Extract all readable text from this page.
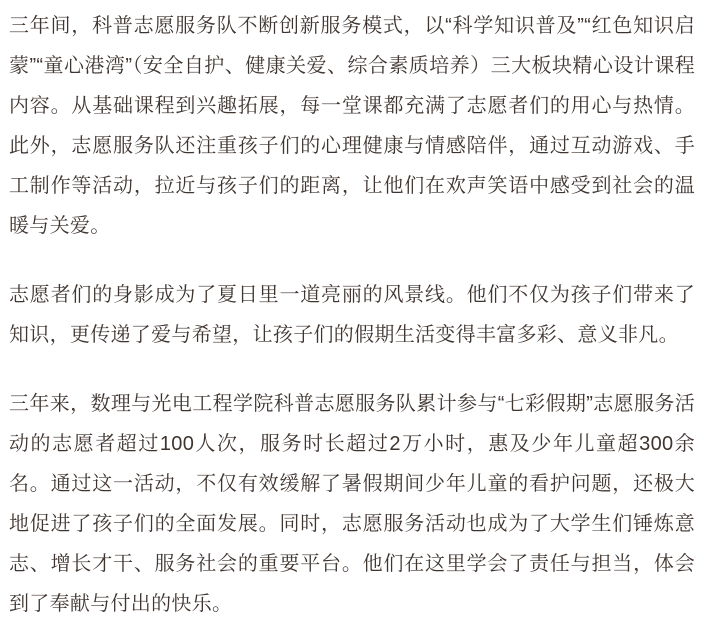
三年间，科普志愿服务队不断创新服务模式，以“科学知识普及”“红色知识启蒙”“童心港湾”（安全自护、健康关爱、综合素质培养）三大板块精心设计课程内容。从基础课程到兴趣拓展，每一堂课都充满了志愿者们的用心与热情。此外，志愿服务队还注重孩子们的心理健康与情感陪伴，通过互动游戏、手工制作等活动，拉近与孩子们的距离，让他们在欢声笑语中感受到社会的温暖与关爱。

志愿者们的身影成为了夏日里一道亮丽的风景线。他们不仅为孩子们带来了知识，更传递了爱与希望，让孩子们的假期生活变得丰富多彩、意义非凡。

三年来，数理与光电工程学院科普志愿服务队累计参与“七彩假期”志愿服务活动的志愿者超过100人次，服务时长超过2万小时，惠及少年儿童超300余名。通过这一活动，不仅有效缓解了暑假期间少年儿童的看护问题，还极大地促进了孩子们的全面发展。同时，志愿服务活动也成为了大学生们锤炼意志、增长才干、服务社会的重要平台。他们在这里学会了责任与担当，体会到了奉献与付出的快乐。
